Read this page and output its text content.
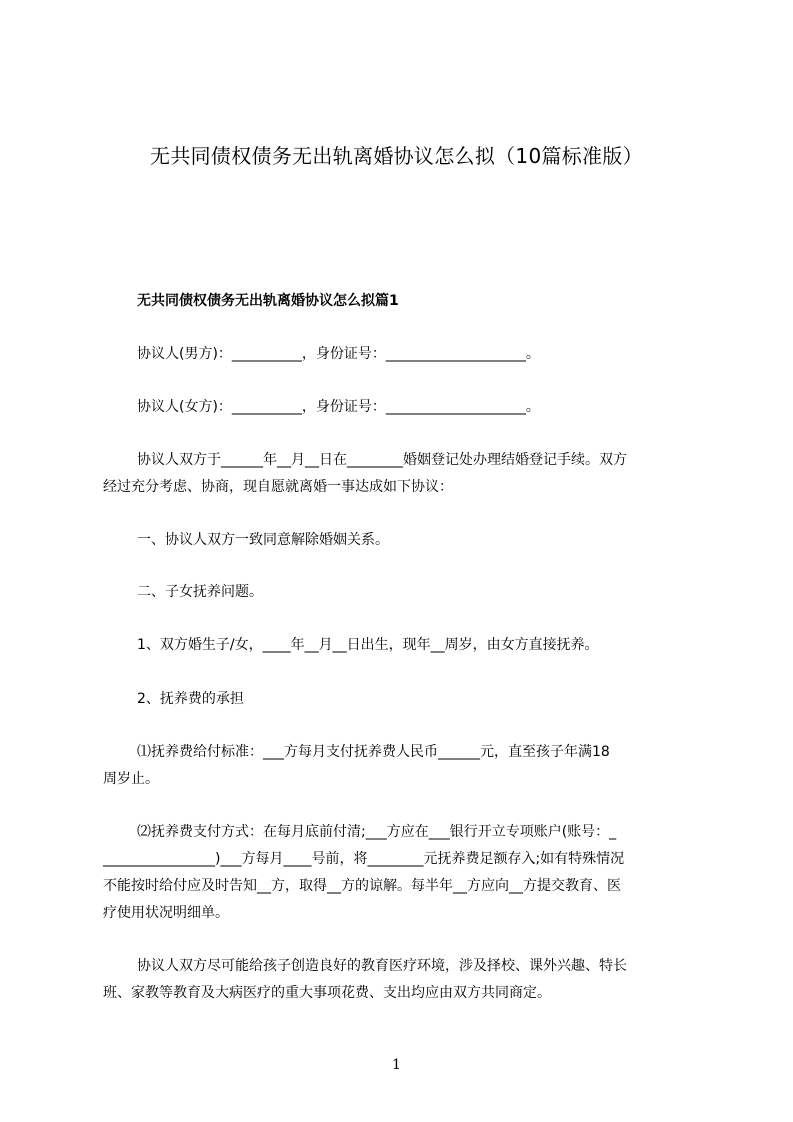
无共同债权债务无出轨离婚协议怎么拟（10篇标准版）
无共同债权债务无出轨离婚协议怎么拟篇1
协议人(男方)：__________，身份证号：____________________。
协议人(女方)：__________，身份证号：____________________。
协议人双方于______年__月__日在________婚姻登记处办理结婚登记手续。双方
经过充分考虑、协商，现自愿就离婚一事达成如下协议：
一、协议人双方一致同意解除婚姻关系。
二、子女抚养问题。
1、双方婚生子/女，____年__月__日出生，现年__周岁，由女方直接抚养。
2、抚养费的承担
⑴抚养费给付标准：___方每月支付抚养费人民币______元，直至孩子年满18
周岁止。
⑵抚养费支付方式：在每月底前付清;___方应在___银行开立专项账户(账号：_
________________)___方每月____号前，将________元抚养费足额存入;如有特殊情况
不能按时给付应及时告知__方，取得__方的谅解。每半年__方应向__方提交教育、医
疗使用状况明细单。
协议人双方尽可能给孩子创造良好的教育医疗环境，涉及择校、课外兴趣、特长
班、家教等教育及大病医疗的重大事项花费、支出均应由双方共同商定。
1
